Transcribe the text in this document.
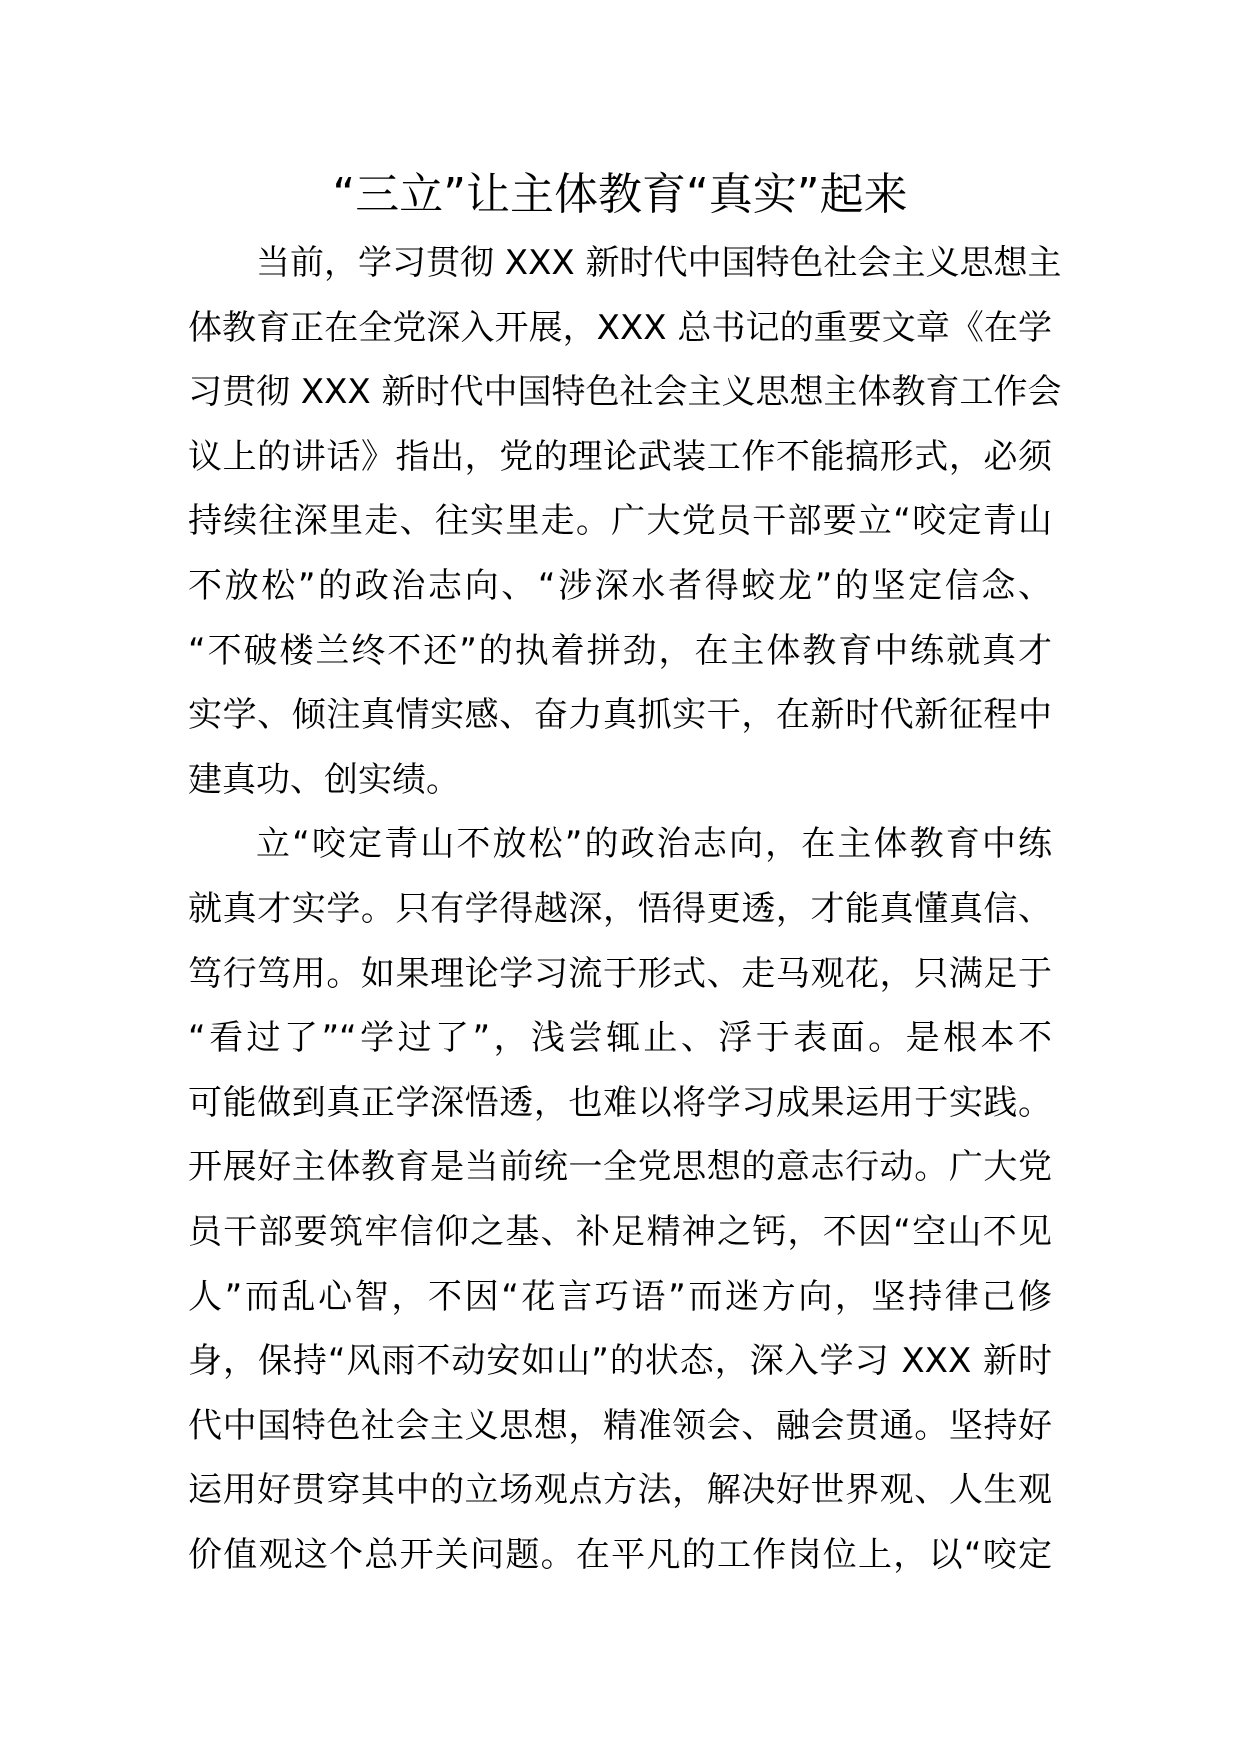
“三立”让主体教育“真实”起来

当前，学习贯彻 XXX 新时代中国特色社会主义思想主

体教育正在全党深入开展，XXX 总书记的重要文章《在学

习贯彻 XXX 新时代中国特色社会主义思想主体教育工作会

议上的讲话》指出，党的理论武装工作不能搞形式，必须

持续往深里走、往实里走。广大党员干部要立“咬定青山

不放松”的政治志向、“涉深水者得蛟龙”的坚定信念、

“不破楼兰终不还”的执着拼劲，在主体教育中练就真才

实学、倾注真情实感、奋力真抓实干，在新时代新征程中

建真功、创实绩。

立“咬定青山不放松”的政治志向，在主体教育中练

就真才实学。只有学得越深，悟得更透，才能真懂真信、

笃行笃用。如果理论学习流于形式、走马观花，只满足于

“看过了”“学过了”，浅尝辄止、浮于表面。是根本不

可能做到真正学深悟透，也难以将学习成果运用于实践。

开展好主体教育是当前统一全党思想的意志行动。广大党

员干部要筑牢信仰之基、补足精神之钙，不因“空山不见

人”而乱心智，不因“花言巧语”而迷方向，坚持律己修

身，保持“风雨不动安如山”的状态，深入学习 XXX 新时

代中国特色社会主义思想，精准领会、融会贯通。坚持好

运用好贯穿其中的立场观点方法，解决好世界观、人生观

价值观这个总开关问题。在平凡的工作岗位上，以“咬定
